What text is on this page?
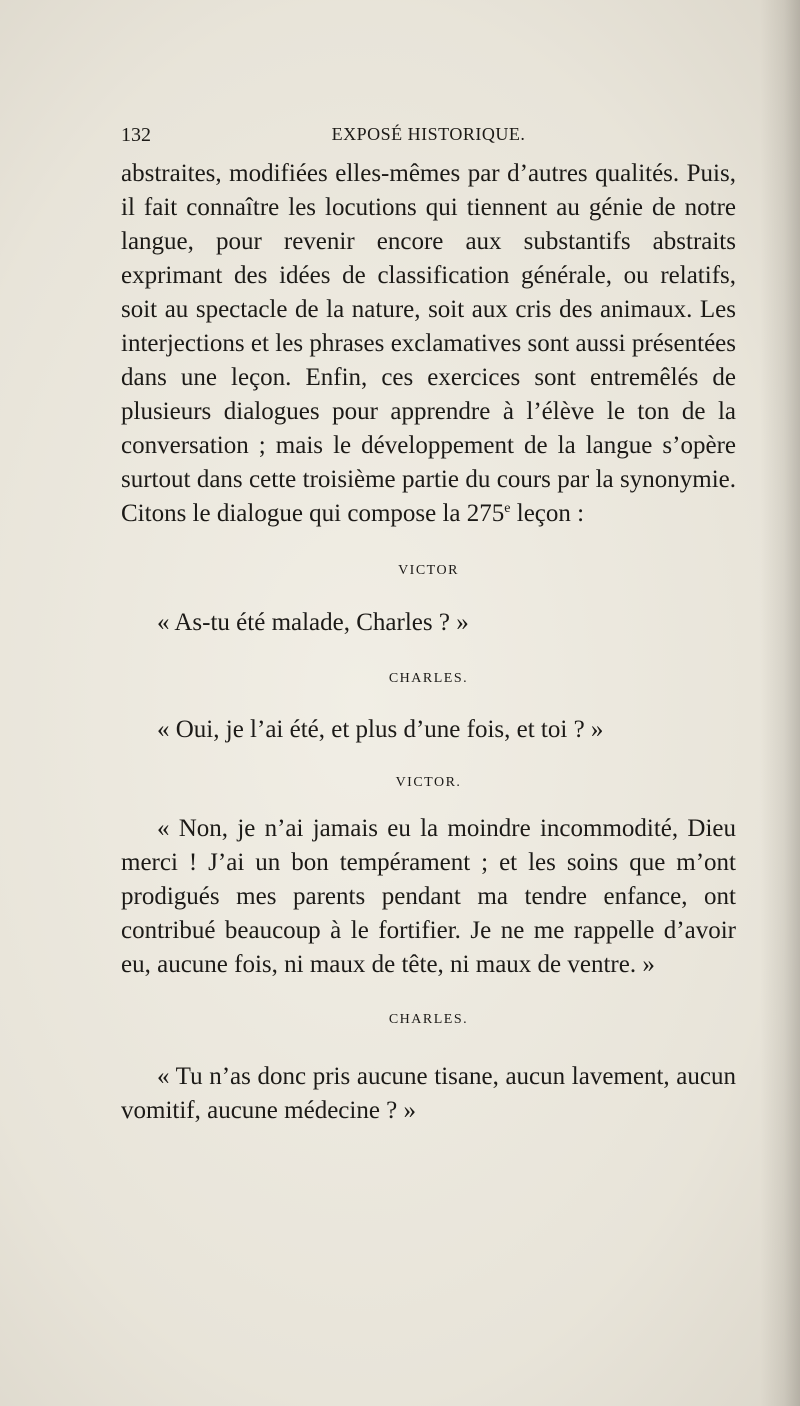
132	EXPOSÉ HISTORIQUE.

abstraites, modifiées elles-mêmes par d’autres qualités. Puis, il fait connaître les locutions qui tiennent au génie de notre langue, pour revenir encore aux substantifs abstraits exprimant des idées de classification générale, ou relatifs, soit au spectacle de la nature, soit aux cris des animaux. Les interjections et les phrases exclamatives sont aussi présentées dans une leçon. Enfin, ces exercices sont entremêlés de plusieurs dialogues pour apprendre à l’élève le ton de la conversation ; mais le développement de la langue s’opère surtout dans cette troisième partie du cours par la synonymie. Citons le dialogue qui compose la 275e leçon :

VICTOR

« As-tu été malade, Charles ? »

CHARLES.

« Oui, je l’ai été, et plus d’une fois, et toi ? »

VICTOR.

« Non, je n’ai jamais eu la moindre incommodité, Dieu merci ! J’ai un bon tempérament ; et les soins que m’ont prodigués mes parents pendant ma tendre enfance, ont contribué beaucoup à le fortifier. Je ne me rappelle d’avoir eu, aucune fois, ni maux de tête, ni maux de ventre. »

CHARLES.

« Tu n’as donc pris aucune tisane, aucun lavement, aucun vomitif, aucune médecine ? »
